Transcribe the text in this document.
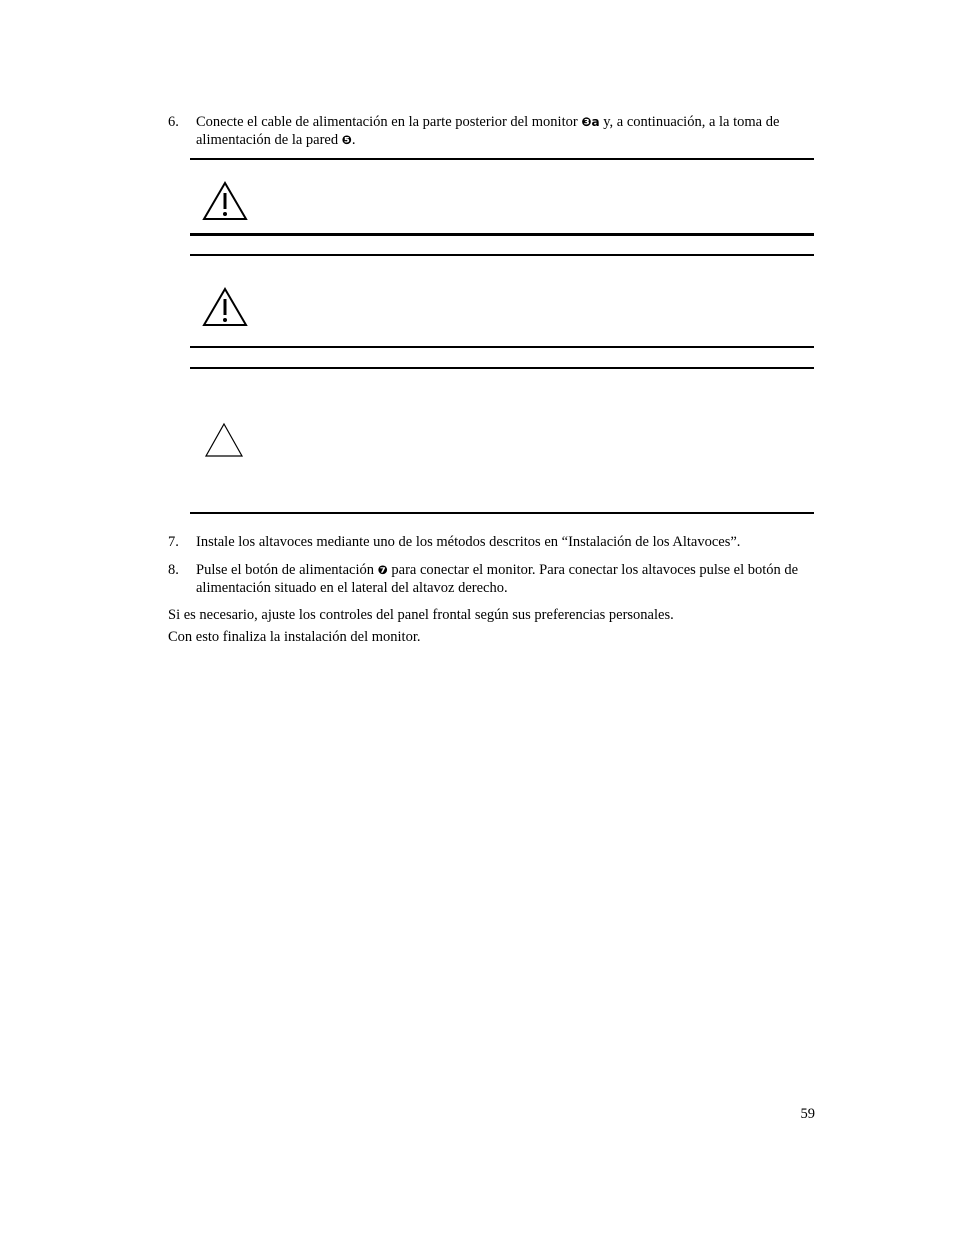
6. Conecte el cable de alimentación en la parte posterior del monitor ❸a y, a continuación, a la toma de alimentación de la pared ❺.
7. Instale los altavoces mediante uno de los métodos descritos en “Instalación de los Altavoces”.
8. Pulse el botón de alimentación ❼ para conectar el monitor. Para conectar los altavoces pulse el botón de alimentación situado en el lateral del altavoz derecho.
Si es necesario, ajuste los controles del panel frontal según sus preferencias personales.
Con esto finaliza la instalación del monitor.
59
